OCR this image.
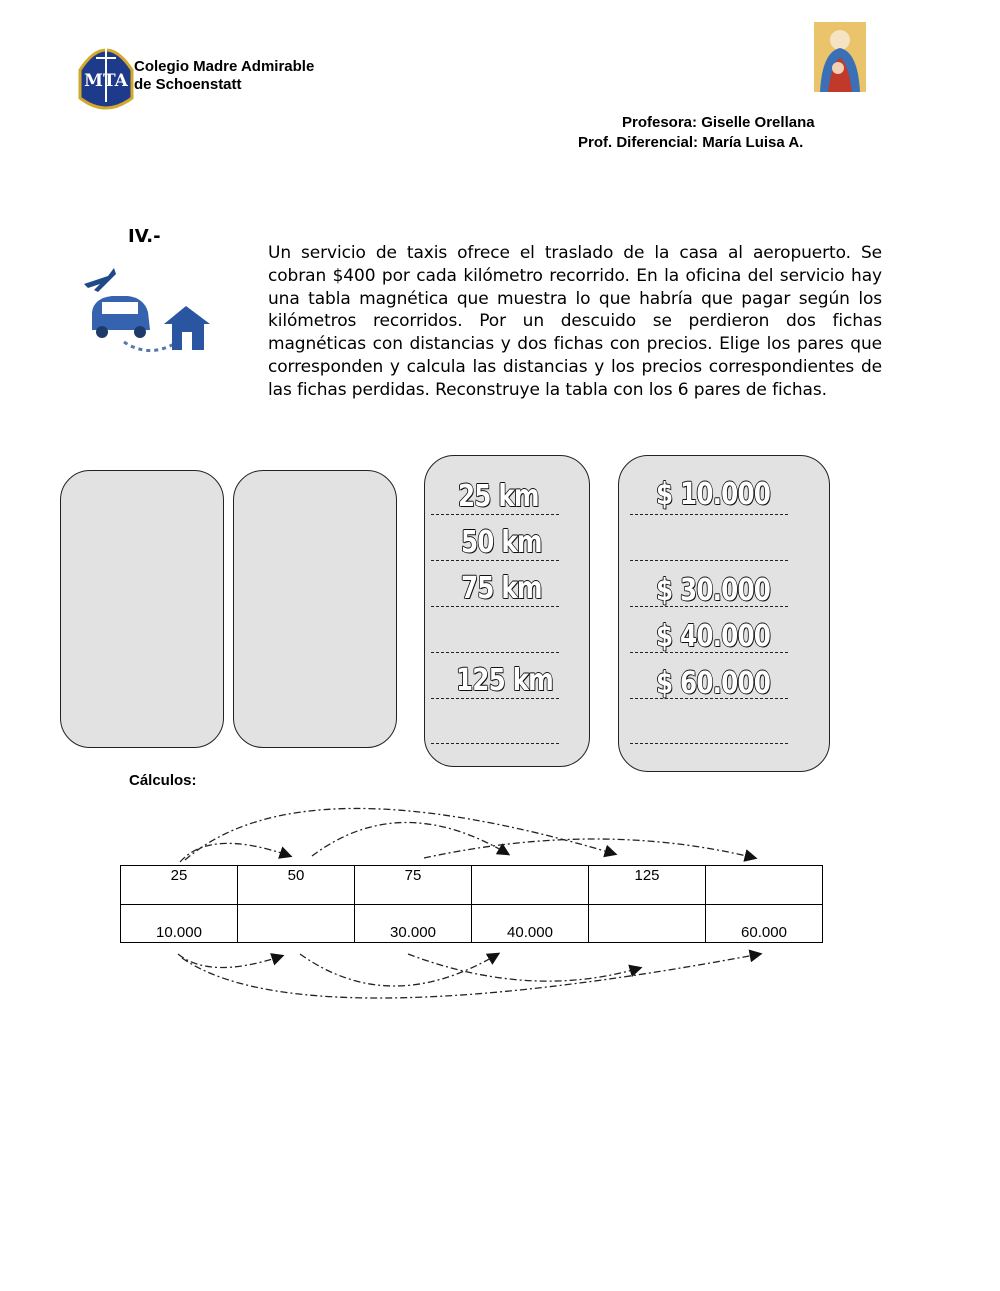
MTA
Colegio Madre Admirable
de Schoenstatt
Profesora: Giselle Orellana
Prof. Diferencial: María Luisa A.
IV.-
Un servicio de taxis ofrece el traslado de la casa al aeropuerto. Se cobran $400 por cada kilómetro recorrido. En la oficina del servicio hay una tabla magnética que muestra lo que habría que pagar según los kilómetros recorridos. Por un descuido se perdieron dos fichas magnéticas con distancias y dos fichas con precios. Elige los pares que corresponden y calcula las distancias y los precios correspondientes de las fichas perdidas. Reconstruye la tabla con los 6 pares de fichas.
25 km
50 km
75 km
125 km
$ 10.000
$ 30.000
$ 40.000
$ 60.000
Cálculos:
25	50	75		125	

10.000		30.000	40.000		60.000
